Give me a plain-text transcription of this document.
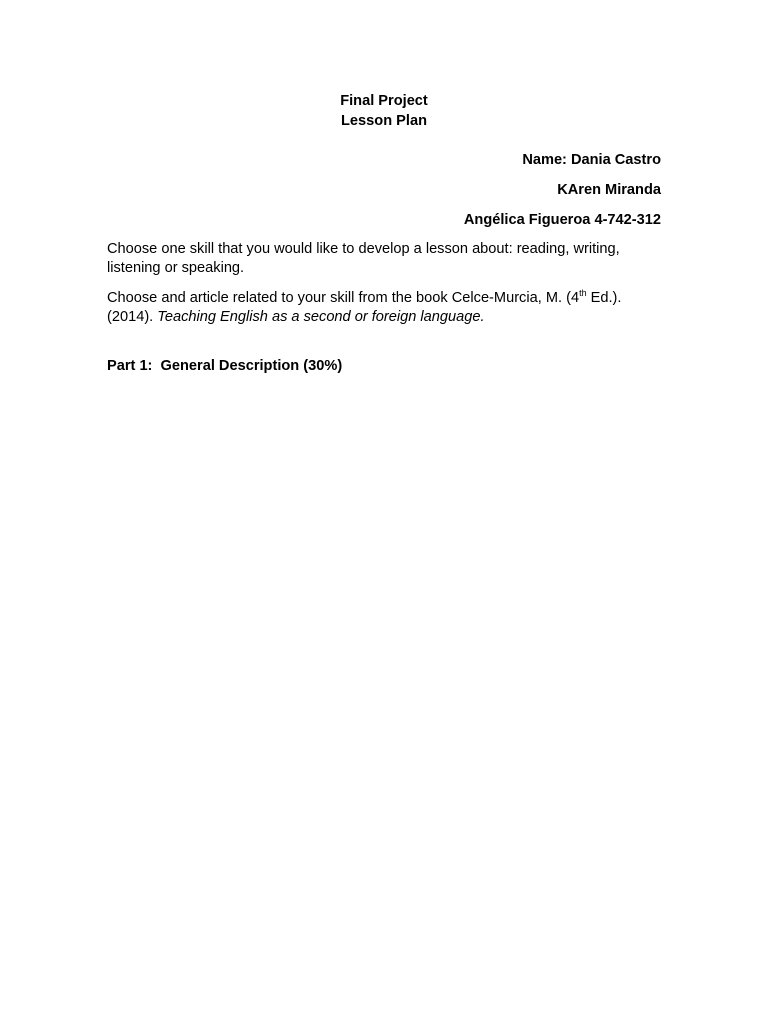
Final Project
Lesson Plan
Name: Dania Castro
KAren Miranda
Angélica Figueroa 4-742-312

Choose one skill that you would like to develop a lesson about: reading, writing, listening or speaking.

Choose and article related to your skill from the book Celce-Murcia, M. (4th Ed.). (2014). Teaching English as a second or foreign language.

Part 1:  General Description (30%)
